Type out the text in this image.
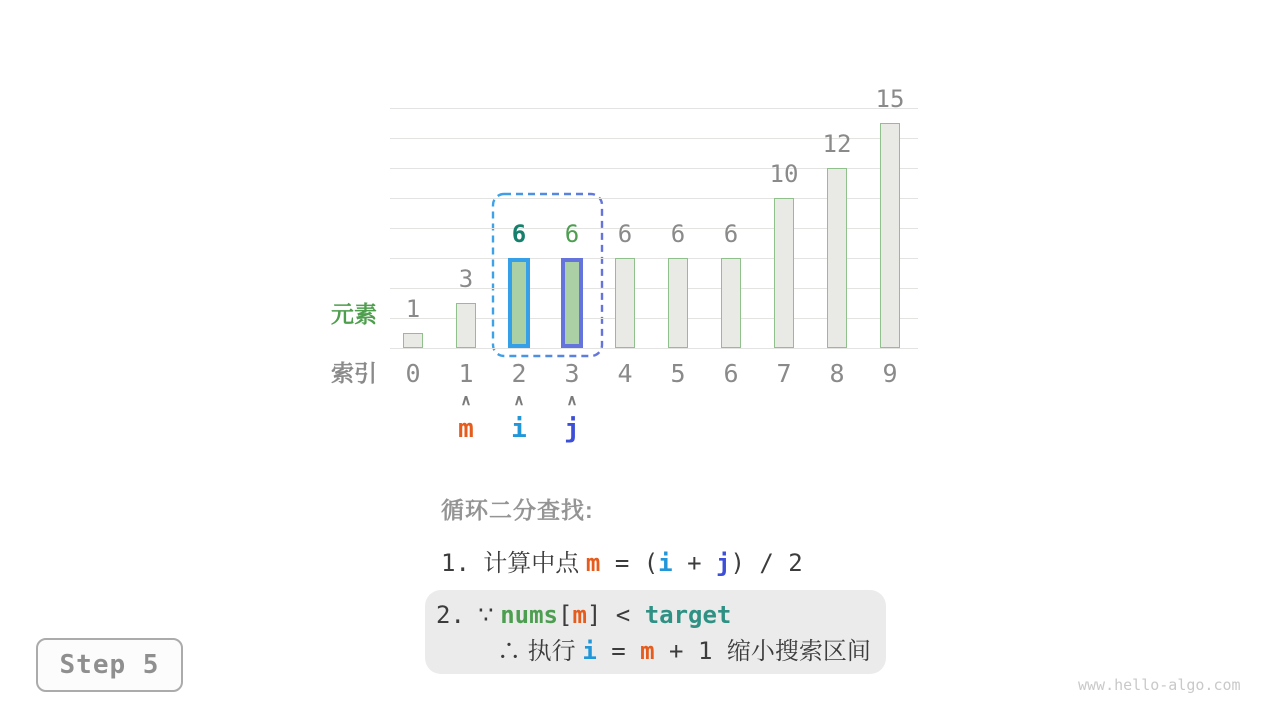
1
0
3
1
6
2
6
3
6
4
6
5
6
6
10
7
12
8
15
9
元素
索引
∧
m
∧
i
∧
j
循环二分查找:
1.  计算中点 m = (i + j) / 2
2.  ∵ nums[m] < target
∴ 执行 i = m + 1 缩小搜索区间
Step 5
www.hello-algo.com
